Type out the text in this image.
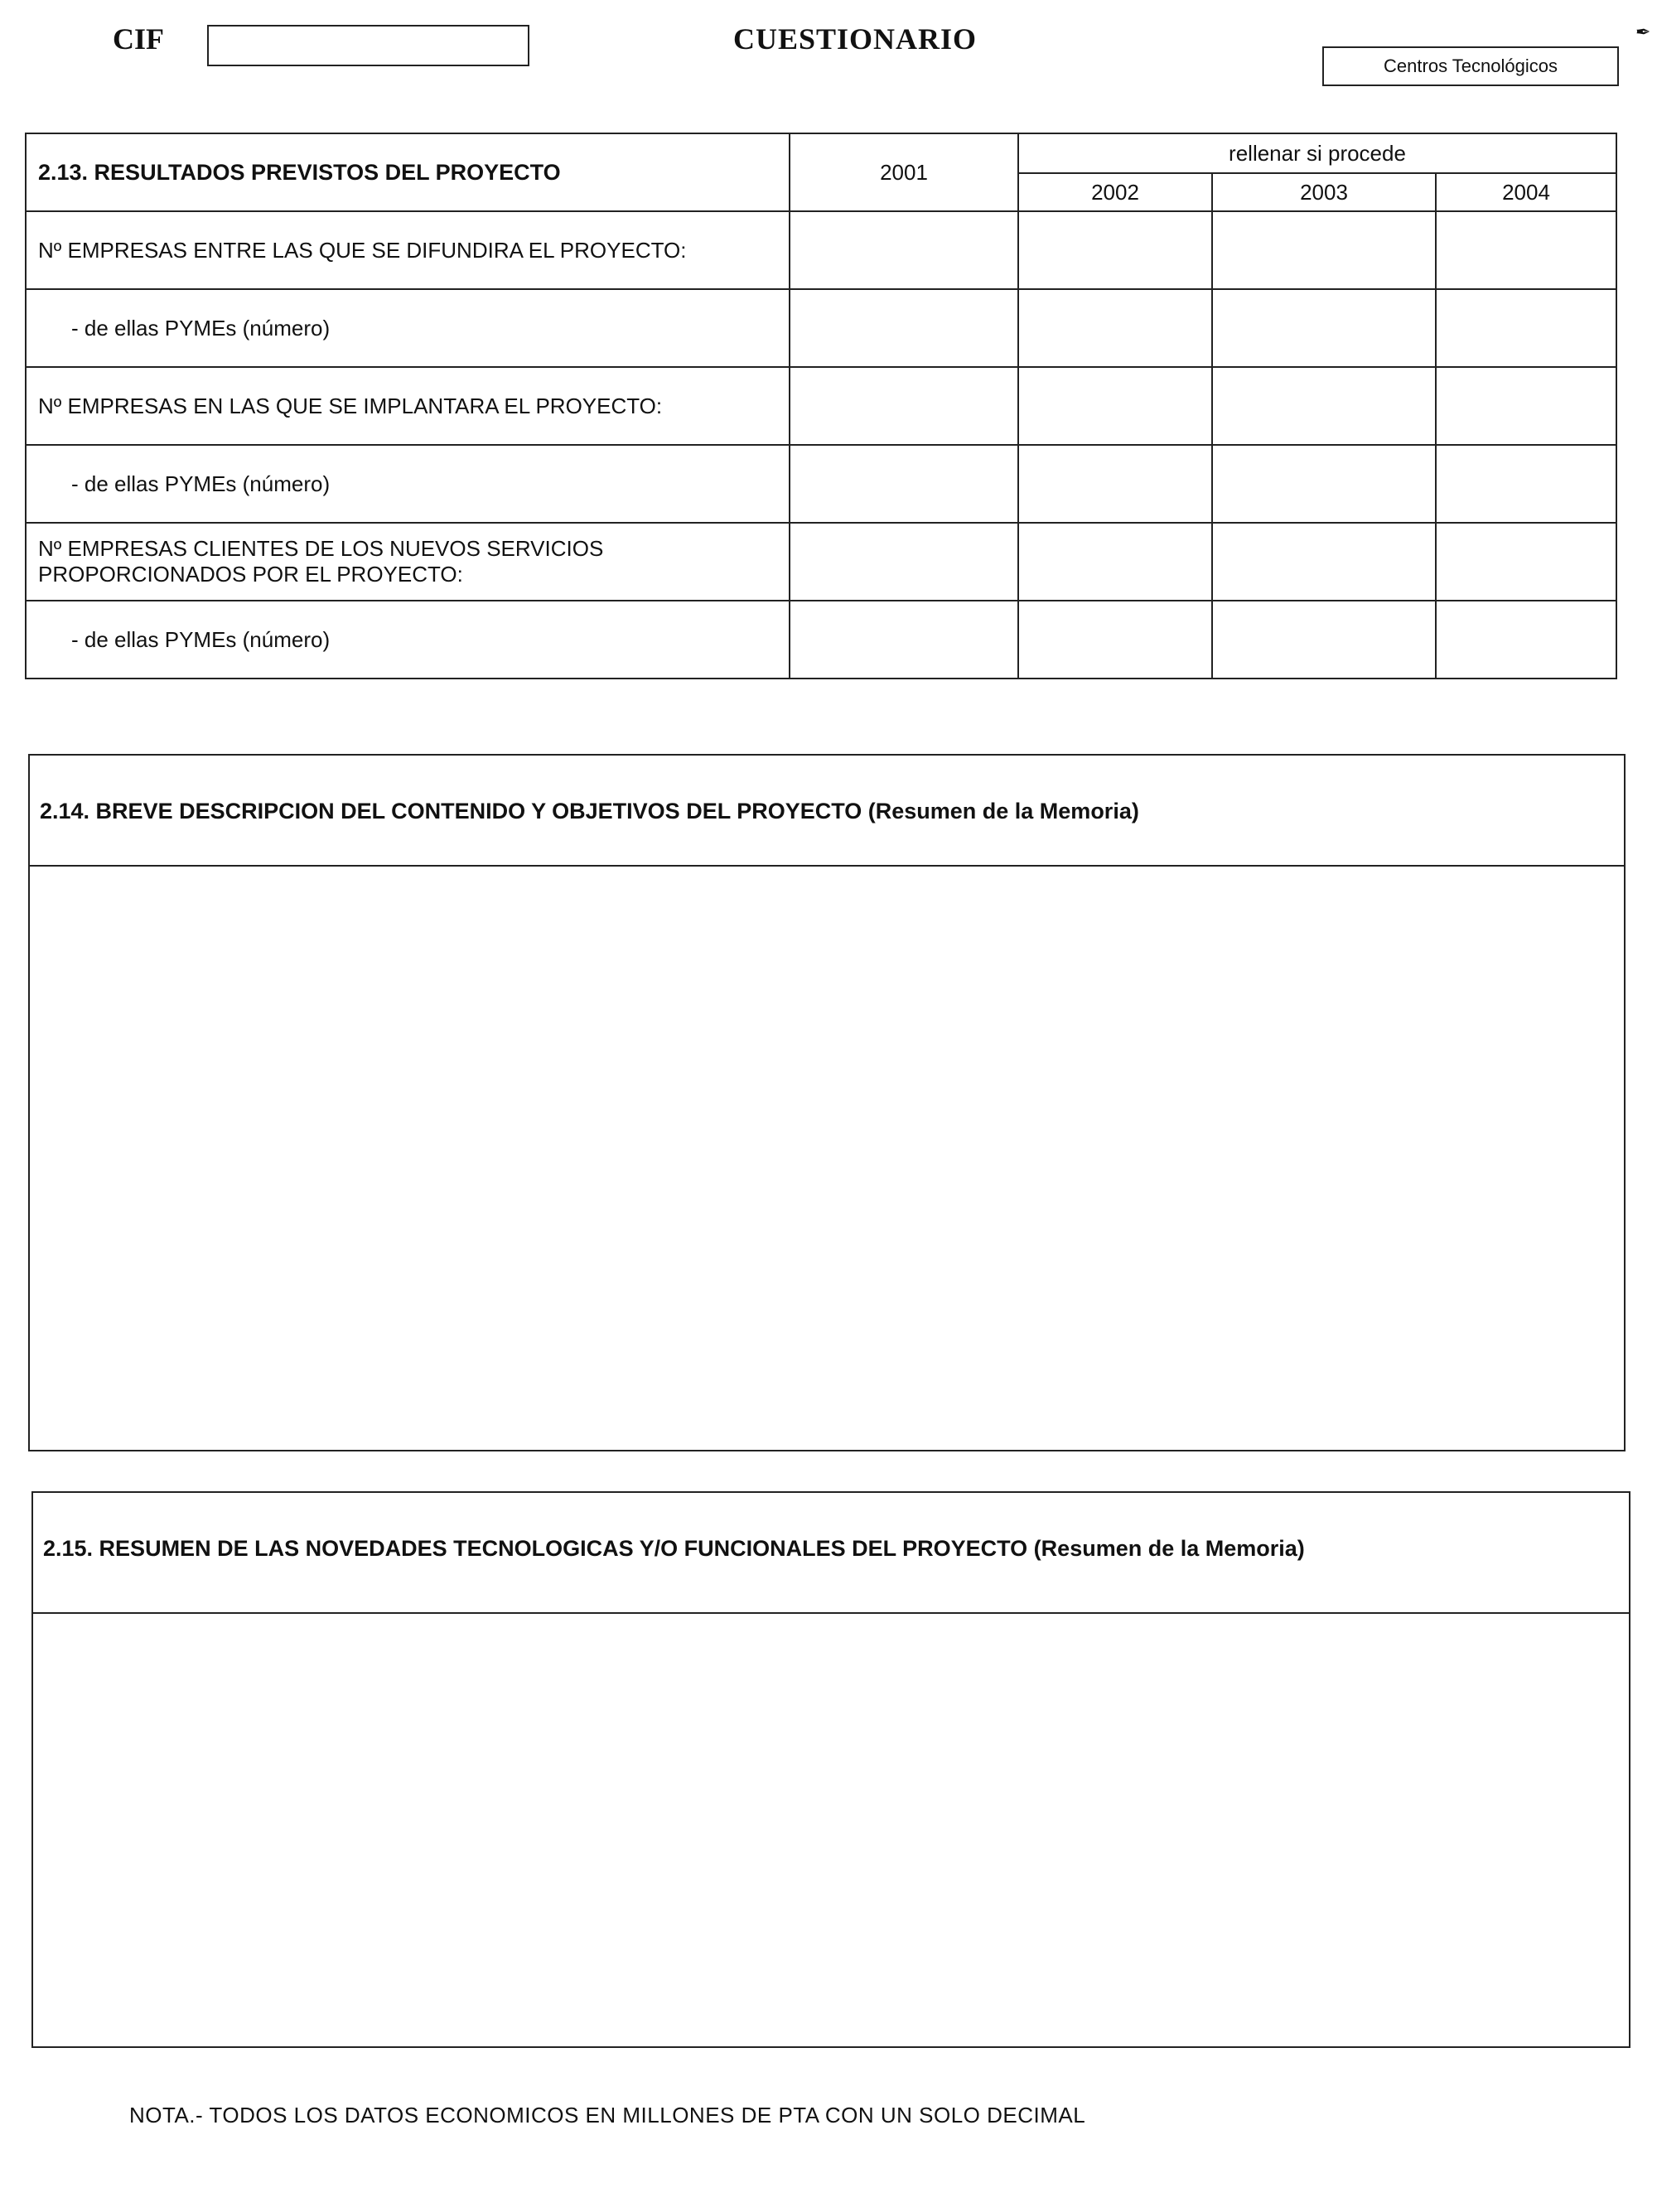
CIF	CUESTIONARIO
Centros Tecnológicos
✒
2.13. RESULTADOS PREVISTOS DEL PROYECTO	2001	rellenar si procede		
		2002	2003	2004
Nº EMPRESAS ENTRE LAS QUE SE DIFUNDIRA EL PROYECTO:				
- de ellas PYMEs (número)				
Nº EMPRESAS EN LAS QUE SE IMPLANTARA EL PROYECTO:				
- de ellas PYMEs (número)				
Nº EMPRESAS CLIENTES DE LOS NUEVOS SERVICIOS PROPORCIONADOS POR EL PROYECTO:				
- de ellas PYMEs (número)				
2.14. BREVE DESCRIPCION DEL CONTENIDO Y OBJETIVOS DEL PROYECTO (Resumen de la Memoria)
2.15. RESUMEN DE LAS NOVEDADES TECNOLOGICAS Y/O FUNCIONALES DEL PROYECTO (Resumen de la Memoria)
NOTA.- TODOS LOS DATOS ECONOMICOS EN MILLONES DE PTA CON UN SOLO DECIMAL
